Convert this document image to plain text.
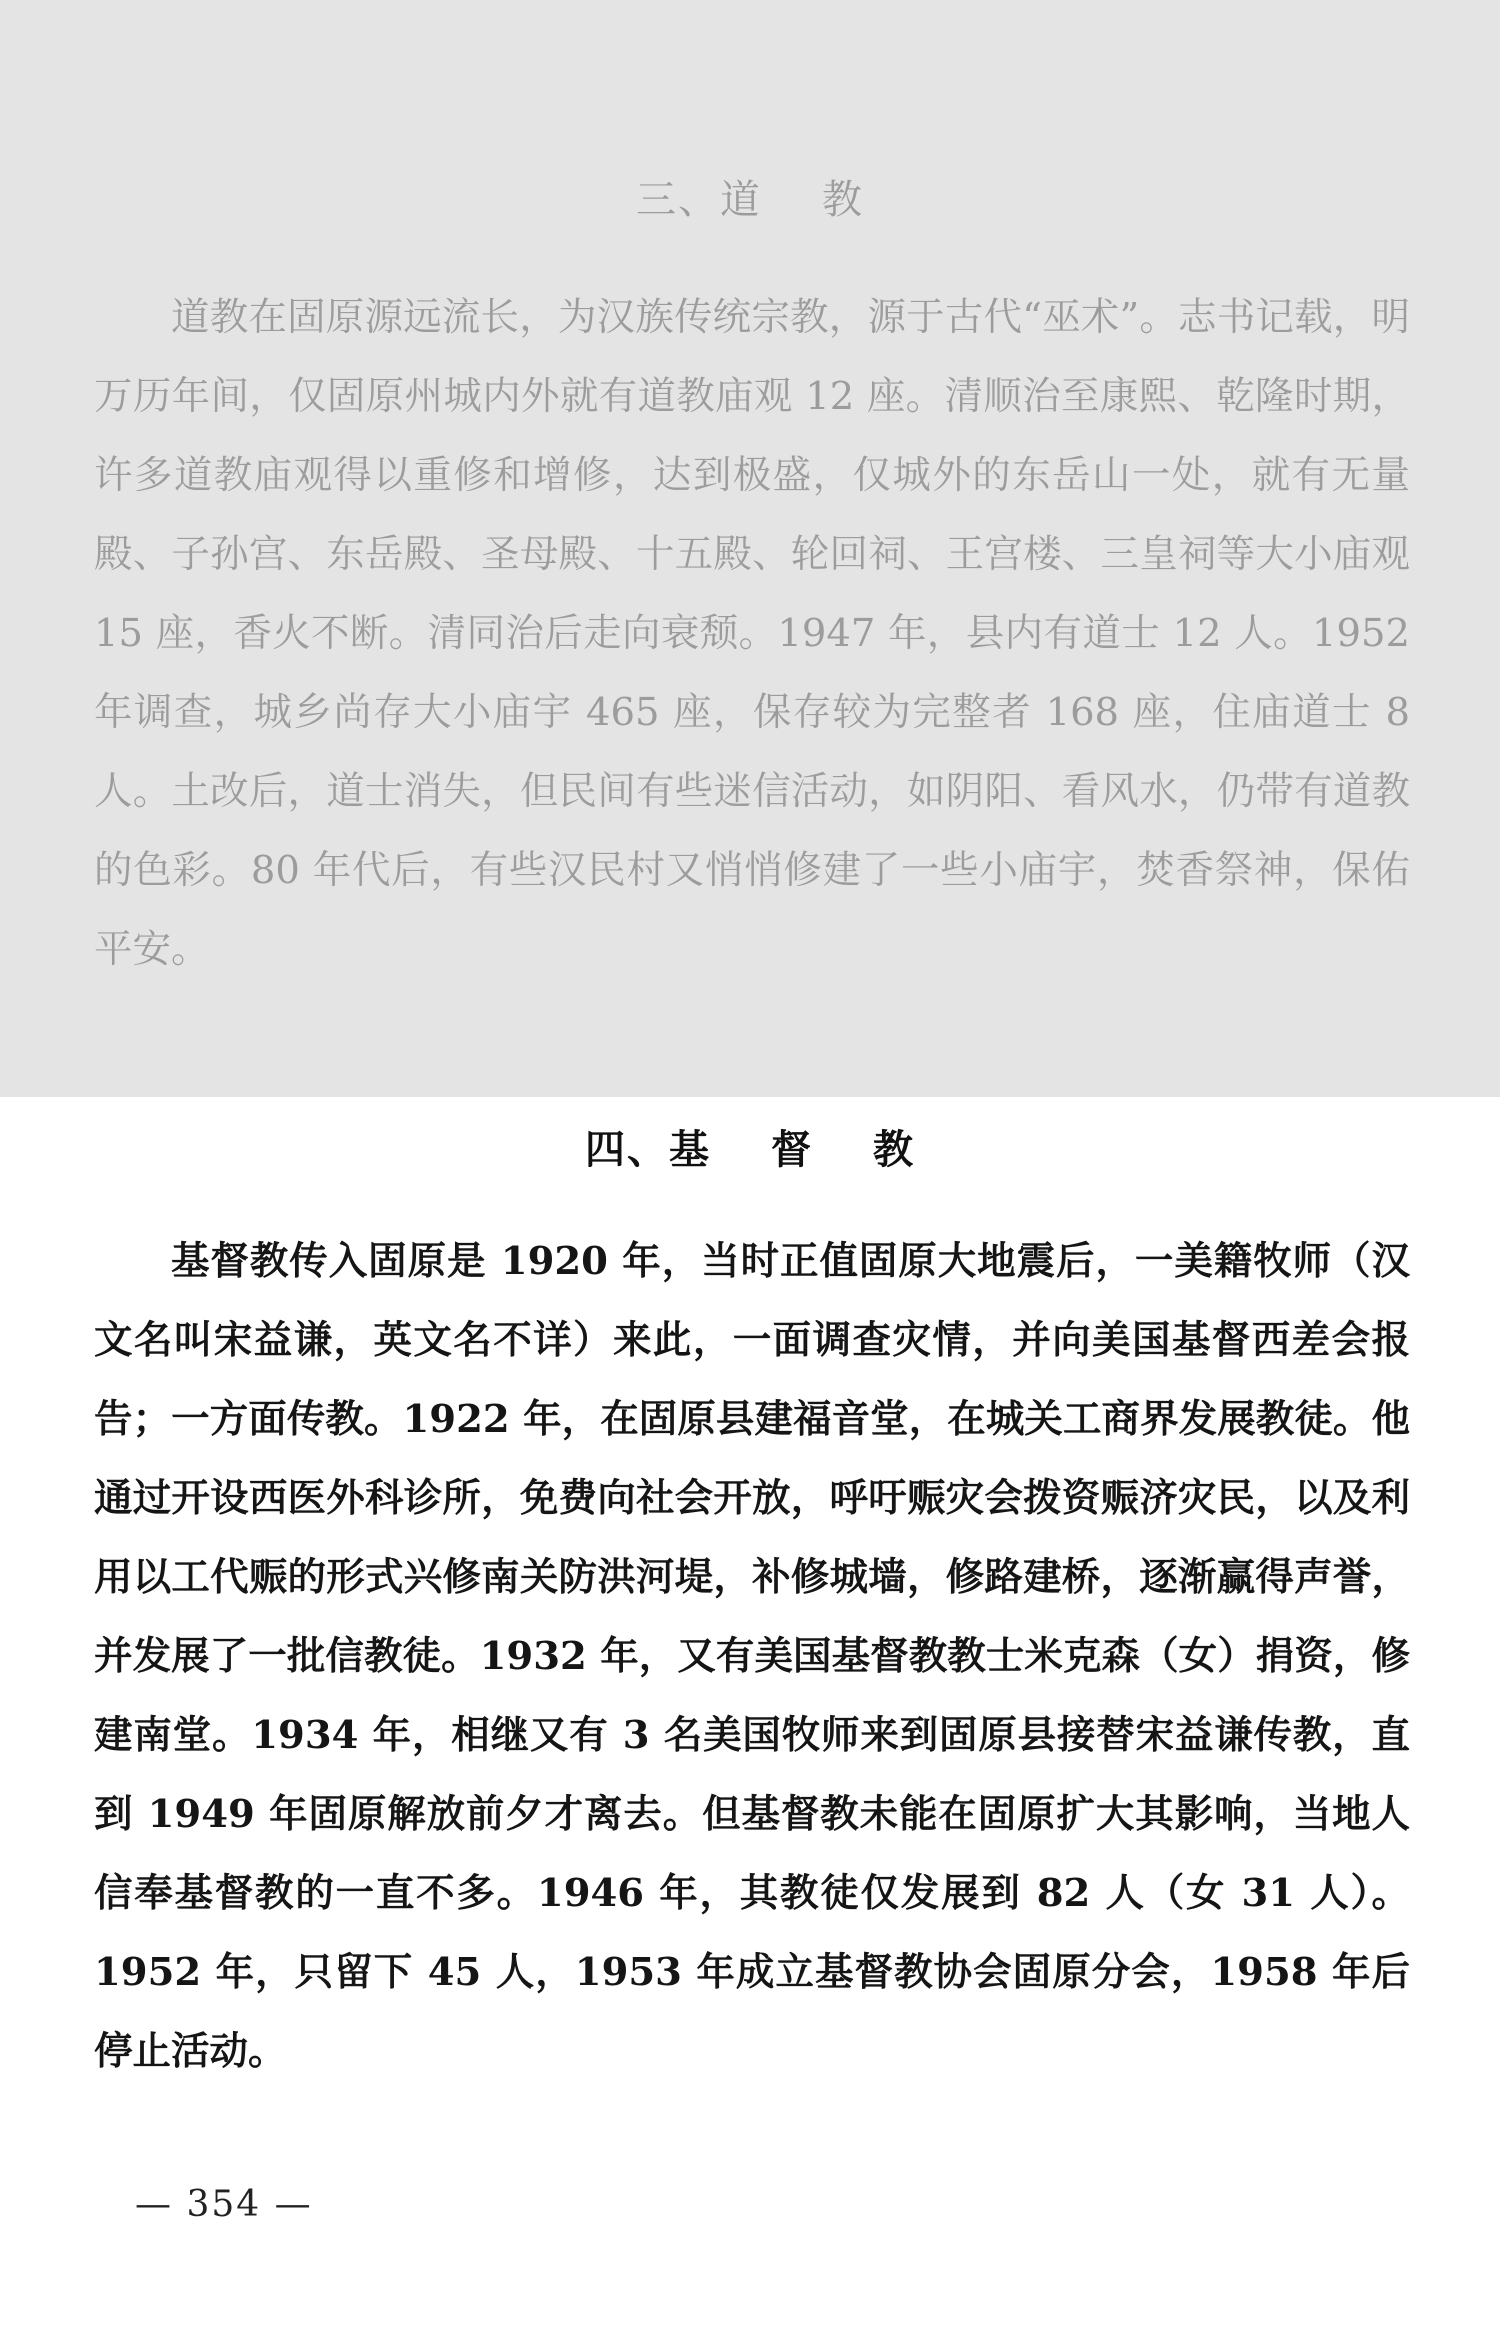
三、道 教

道教在固原源远流长，为汉族传统宗教，源于古代“巫术”。志书记载，明万历年间，仅固原州城内外就有道教庙观 12 座。清顺治至康熙、乾隆时期，许多道教庙观得以重修和增修，达到极盛，仅城外的东岳山一处，就有无量殿、子孙宫、东岳殿、圣母殿、十五殿、轮回祠、王宫楼、三皇祠等大小庙观 15 座，香火不断。清同治后走向衰颓。1947 年，县内有道士 12 人。1952 年调查，城乡尚存大小庙宇 465 座，保存较为完整者 168 座，住庙道士 8 人。土改后，道士消失，但民间有些迷信活动，如阴阳、看风水，仍带有道教的色彩。80 年代后，有些汉民村又悄悄修建了一些小庙宇，焚香祭神，保佑平安。

四、基 督 教

基督教传入固原是 1920 年，当时正值固原大地震后，一美籍牧师（汉文名叫宋益谦，英文名不详）来此，一面调查灾情，并向美国基督西差会报告；一方面传教。1922 年，在固原县建福音堂，在城关工商界发展教徒。他通过开设西医外科诊所，免费向社会开放，呼吁赈灾会拨资赈济灾民，以及利用以工代赈的形式兴修南关防洪河堤，补修城墙，修路建桥，逐渐赢得声誉，并发展了一批信教徒。1932 年，又有美国基督教教士米克森（女）捐资，修建南堂。1934 年，相继又有 3 名美国牧师来到固原县接替宋益谦传教，直到 1949 年固原解放前夕才离去。但基督教未能在固原扩大其影响，当地人信奉基督教的一直不多。1946 年，其教徒仅发展到 82 人（女 31 人）。1952 年，只留下 45 人，1953 年成立基督教协会固原分会，1958 年后停止活动。

— 354 —
